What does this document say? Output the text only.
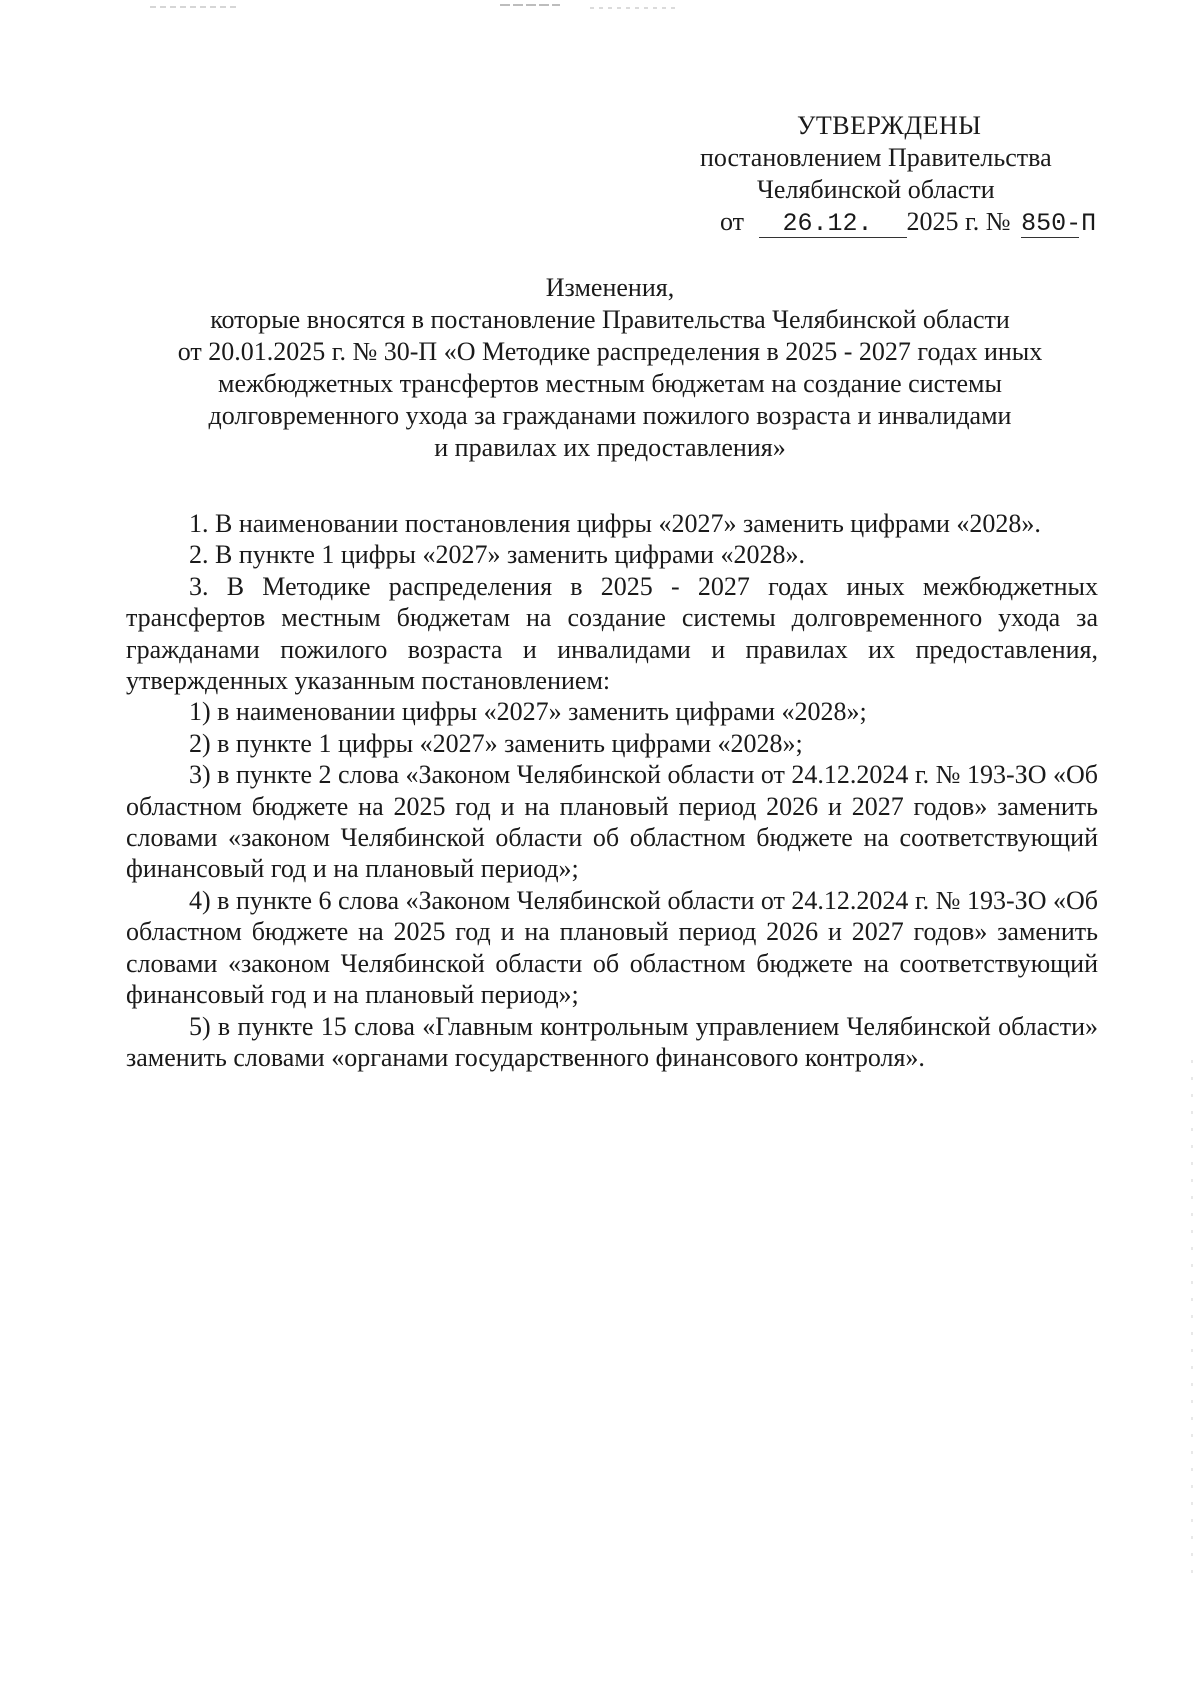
УТВЕРЖДЕНЫ
постановлением Правительства
Челябинской области
от 26.12. 2025 г. № 850-П
Изменения,
которые вносятся в постановление Правительства Челябинской области
от 20.01.2025 г. № 30-П «О Методике распределения в 2025 - 2027 годах иных
межбюджетных трансфертов местным бюджетам на создание системы
долговременного ухода за гражданами пожилого возраста и инвалидами
и правилах их предоставления»

1. В наименовании постановления цифры «2027» заменить цифрами «2028».

2. В пункте 1 цифры «2027» заменить цифрами «2028».

3. В Методике распределения в 2025 - 2027 годах иных межбюджетных трансфертов местным бюджетам на создание системы долговременного ухода за гражданами пожилого возраста и инвалидами и правилах их предоставления, утвержденных указанным постановлением:

1) в наименовании цифры «2027» заменить цифрами «2028»;

2) в пункте 1 цифры «2027» заменить цифрами «2028»;

3) в пункте 2 слова «Законом Челябинской области от 24.12.2024 г. № 193-ЗО «Об областном бюджете на 2025 год и на плановый период 2026 и 2027 годов» заменить словами «законом Челябинской области об областном бюджете на соответствующий финансовый год и на плановый период»;

4) в пункте 6 слова «Законом Челябинской области от 24.12.2024 г. № 193-ЗО «Об областном бюджете на 2025 год и на плановый период 2026 и 2027 годов» заменить словами «законом Челябинской области об областном бюджете на соответствующий финансовый год и на плановый период»;

5) в пункте 15 слова «Главным контрольным управлением Челябинской области» заменить словами «органами государственного финансового контроля».
